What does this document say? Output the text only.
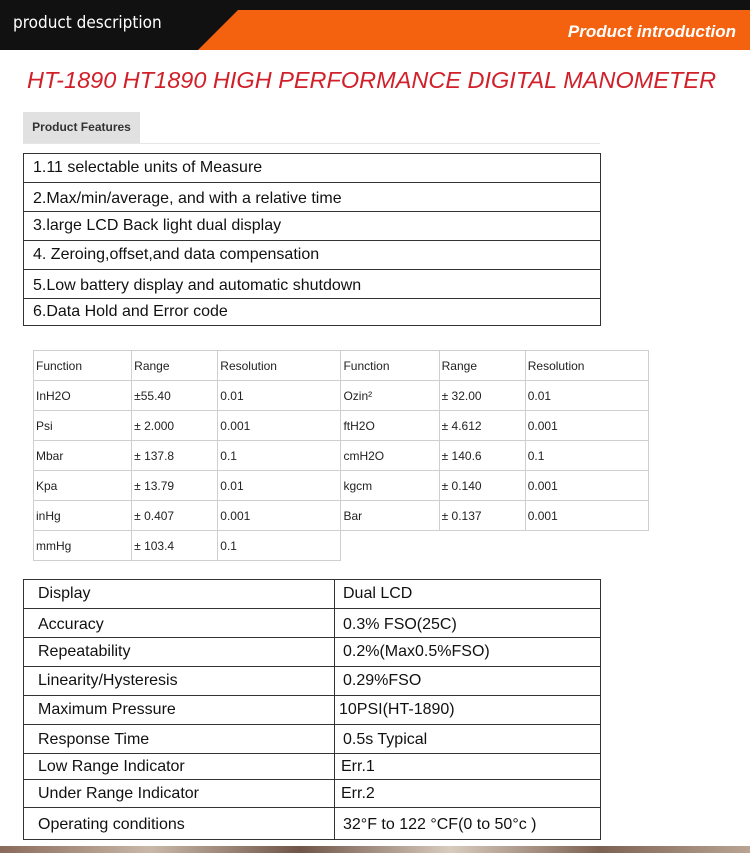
product description	Product introduction
HT-1890 HT1890 HIGH PERFORMANCE DIGITAL MANOMETER
Product Features
1.11 selectable units of Measure
2.Max/min/average, and with a relative time
3.large LCD Back light dual display
4. Zeroing,offset,and data compensation
5.Low battery display and automatic shutdown
6.Data Hold and Error code
Function	Range	Resolution	Function	Range	Resolution
InH2O	±55.40	0.01	Ozin²	± 32.00	0.01
Psi	± 2.000	0.001	ftH2O	± 4.612	0.001
Mbar	± 137.8	0.1	cmH2O	± 140.6	0.1
Kpa	± 13.79	0.01	kgcm	± 0.140	0.001
inHg	± 0.407	0.001	Bar	± 0.137	0.001
mmHg	± 103.4	0.1			
Display	Dual LCD
Accuracy	0.3% FSO(25C)
Repeatability	0.2%(Max0.5%FSO)
Linearity/Hysteresis	0.29%FSO
Maximum Pressure	10PSI(HT-1890)
Response Time	0.5s Typical
Low Range Indicator	Err.1
Under Range Indicator	Err.2
Operating conditions	32°F to 122 °CF(0 to 50°c )
